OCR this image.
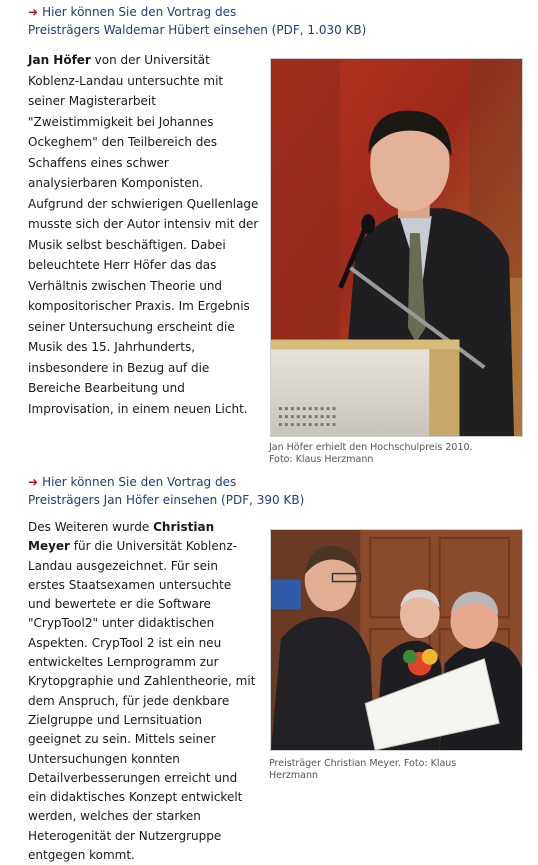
➜ Hier können Sie den Vortrag des
Preisträgers Waldemar Hübert einsehen (PDF, 1.030 KB)
Jan Höfer von der Universität Koblenz-Landau untersuchte mit seiner Magisterarbeit "Zweistimmigkeit bei Johannes Ockeghem" den Teilbereich des Schaffens eines schwer analysierbaren Komponisten. Aufgrund der schwierigen Quellenlage musste sich der Autor intensiv mit der Musik selbst beschäftigen. Dabei beleuchtete Herr Höfer das das Verhältnis zwischen Theorie und kompositorischer Praxis. Im Ergebnis seiner Untersuchung erscheint die Musik des 15. Jahrhunderts, insbesondere in Bezug auf die Bereiche Bearbeitung und Improvisation, in einem neuen Licht.
Jan Höfer erhielt den Hochschulpreis 2010.
Foto: Klaus Herzmann
➜ Hier können Sie den Vortrag des
Preisträgers Jan Höfer einsehen (PDF, 390 KB)
Des Weiteren wurde Christian Meyer für die Universität Koblenz-Landau ausgezeichnet. Für sein erstes Staatsexamen untersuchte und bewertete er die Software "CrypTool2" unter didaktischen Aspekten. CrypTool 2 ist ein neu entwickeltes Lernprogramm zur Krytopgraphie und Zahlentheorie, mit dem Anspruch, für jede denkbare Zielgruppe und Lernsituation geeignet zu sein. Mittels seiner Untersuchungen konnten Detailverbesserungen erreicht und ein didaktisches Konzept entwickelt werden, welches der starken Heterogenität der Nutzergruppe entgegen kommt.
Preisträger Christian Meyer. Foto: Klaus
Herzmann
